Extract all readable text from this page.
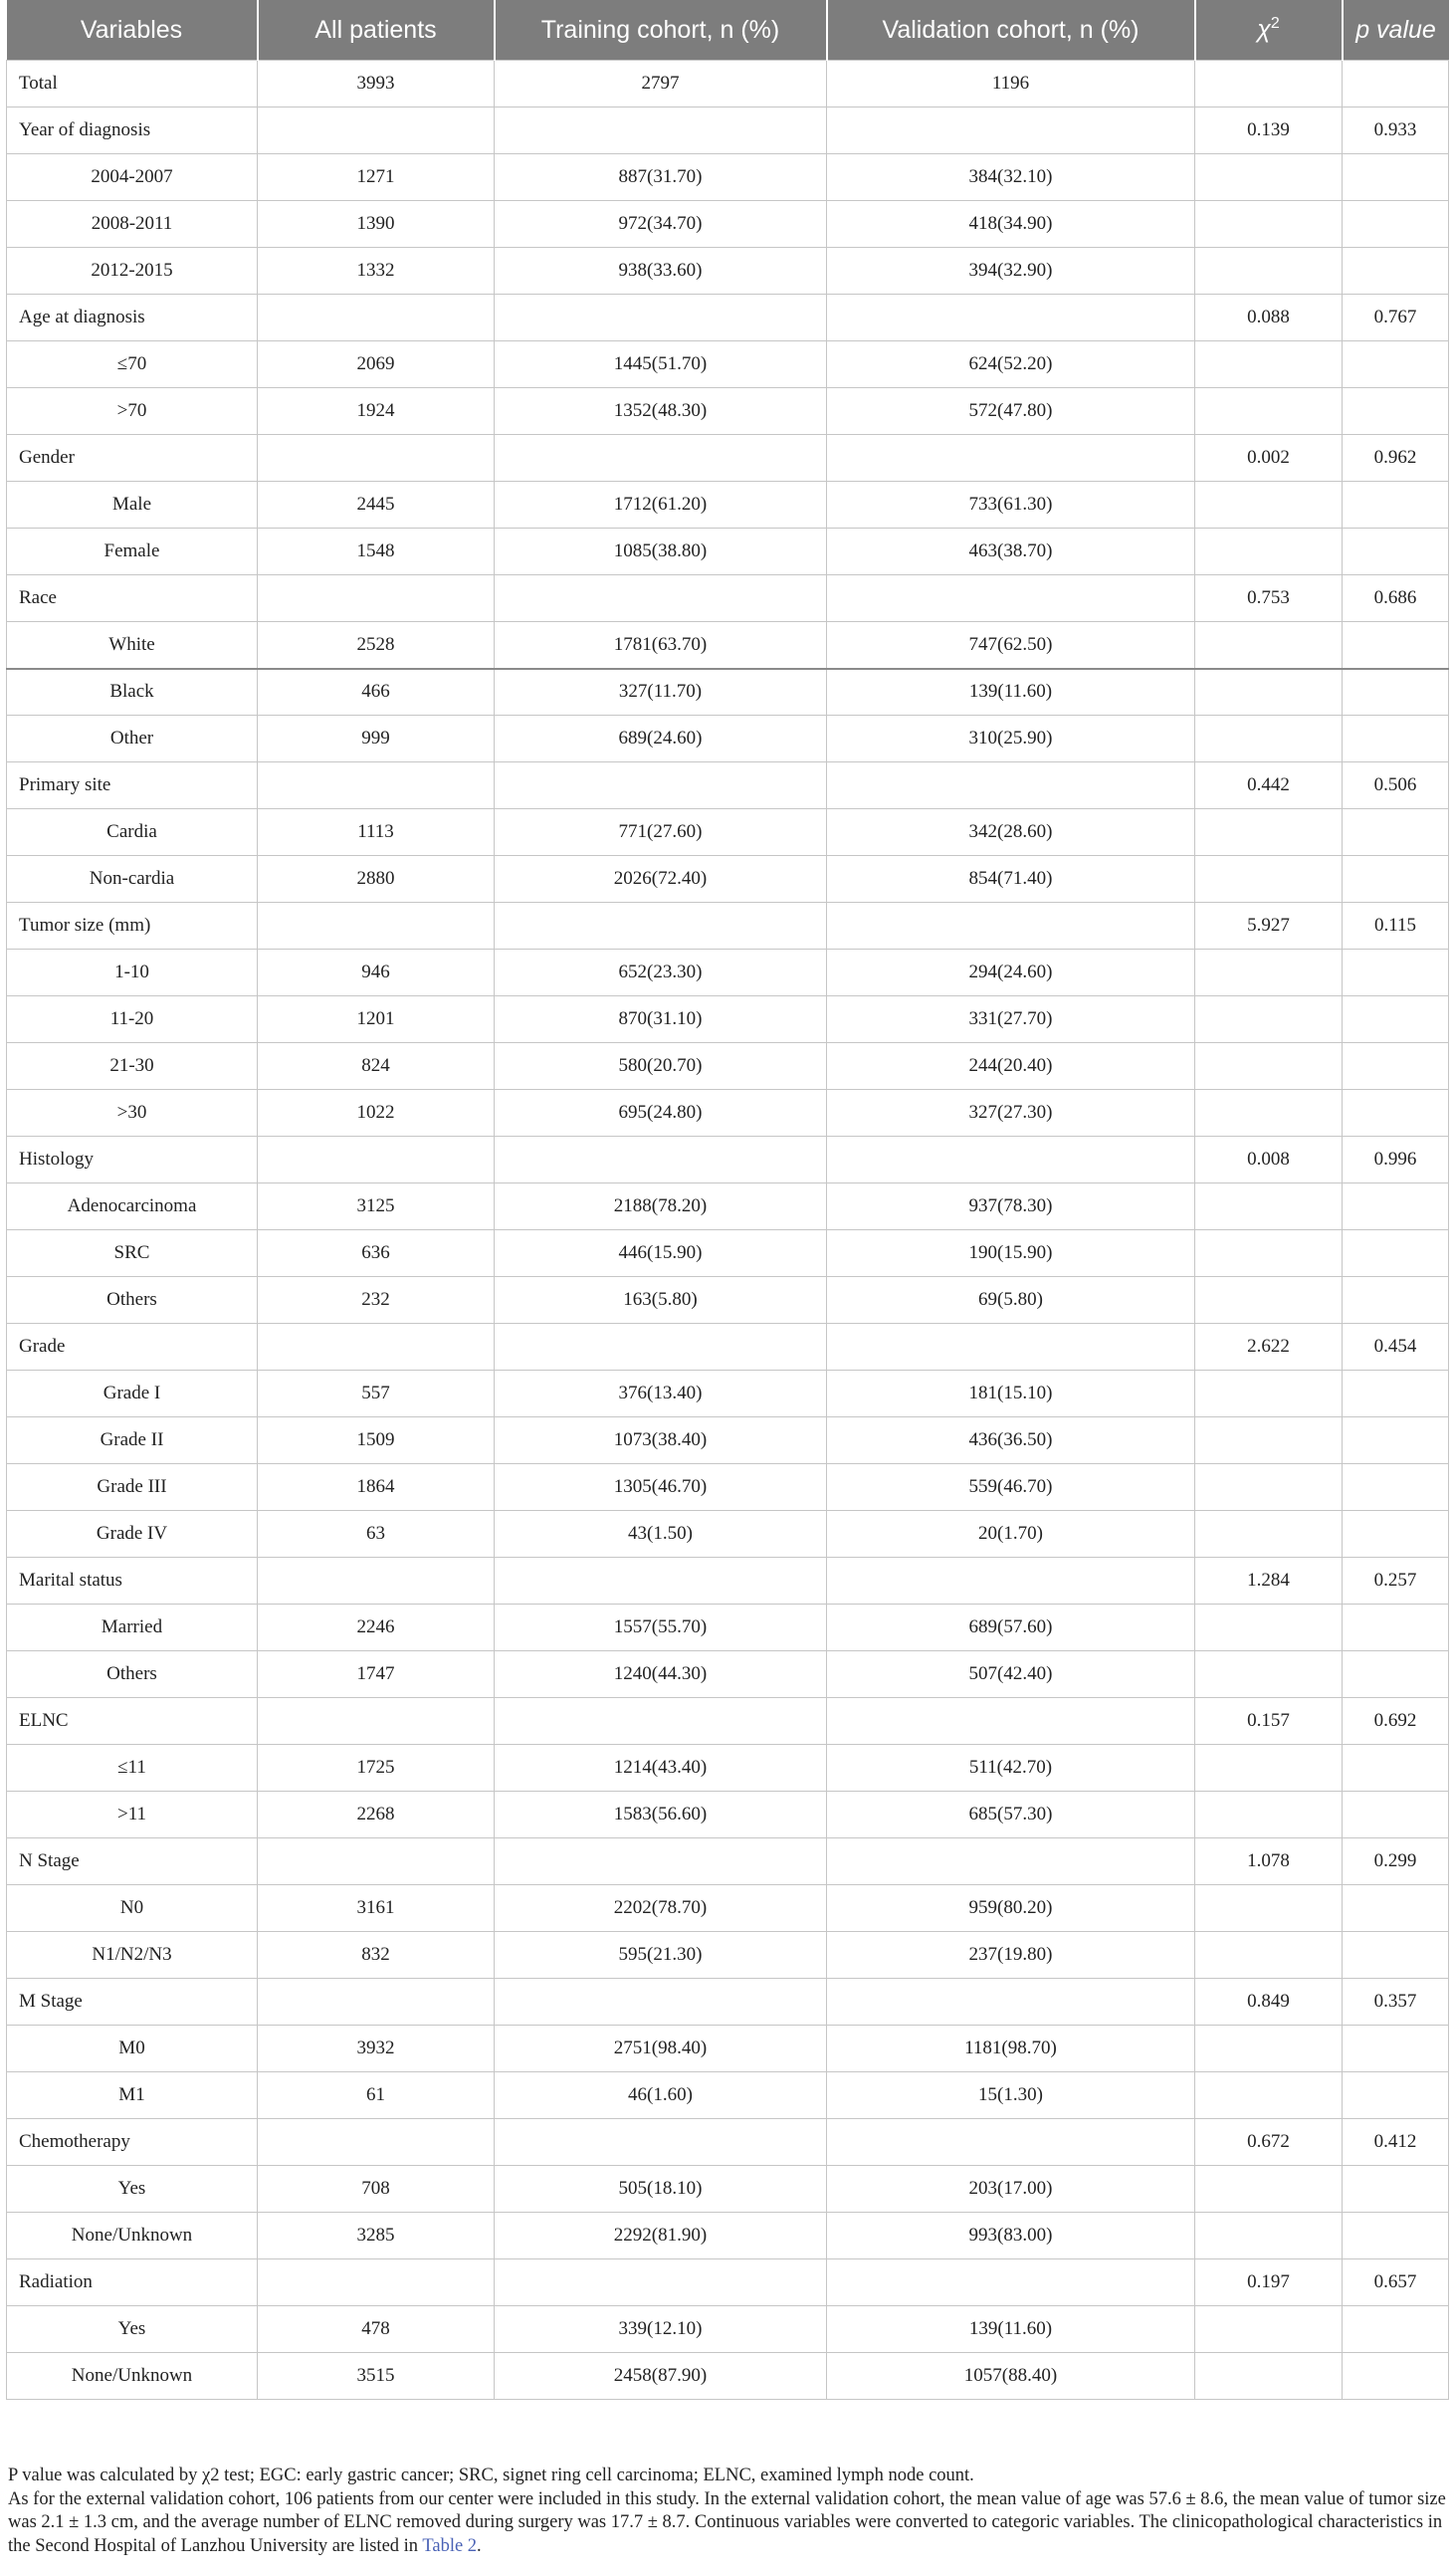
Variables	All patients	Training cohort, n (%)	Validation cohort, n (%)	$\chi^2$	p value
Total	3993	2797	1196		
Year of diagnosis				0.139	0.933
2004-2007	1271	887(31.70)	384(32.10)		
2008-2011	1390	972(34.70)	418(34.90)		
2012-2015	1332	938(33.60)	394(32.90)		
Age at diagnosis				0.088	0.767
≤70	2069	1445(51.70)	624(52.20)		
>70	1924	1352(48.30)	572(47.80)		
Gender				0.002	0.962
Male	2445	1712(61.20)	733(61.30)		
Female	1548	1085(38.80)	463(38.70)		
Race				0.753	0.686
White	2528	1781(63.70)	747(62.50)		
Black	466	327(11.70)	139(11.60)		
Other	999	689(24.60)	310(25.90)		
Primary site				0.442	0.506
Cardia	1113	771(27.60)	342(28.60)		
Non-cardia	2880	2026(72.40)	854(71.40)		
Tumor size (mm)				5.927	0.115
1-10	946	652(23.30)	294(24.60)		
11-20	1201	870(31.10)	331(27.70)		
21-30	824	580(20.70)	244(20.40)		
>30	1022	695(24.80)	327(27.30)		
Histology				0.008	0.996
Adenocarcinoma	3125	2188(78.20)	937(78.30)		
SRC	636	446(15.90)	190(15.90)		
Others	232	163(5.80)	69(5.80)		
Grade				2.622	0.454
Grade I	557	376(13.40)	181(15.10)		
Grade II	1509	1073(38.40)	436(36.50)		
Grade III	1864	1305(46.70)	559(46.70)		
Grade IV	63	43(1.50)	20(1.70)		
Marital status				1.284	0.257
Married	2246	1557(55.70)	689(57.60)		
Others	1747	1240(44.30)	507(42.40)		
ELNC				0.157	0.692
≤11	1725	1214(43.40)	511(42.70)		
>11	2268	1583(56.60)	685(57.30)		
N Stage				1.078	0.299
N0	3161	2202(78.70)	959(80.20)		
N1/N2/N3	832	595(21.30)	237(19.80)		
M Stage				0.849	0.357
M0	3932	2751(98.40)	1181(98.70)		
M1	61	46(1.60)	15(1.30)		
Chemotherapy				0.672	0.412
Yes	708	505(18.10)	203(17.00)		
None/Unknown	3285	2292(81.90)	993(83.00)		
Radiation				0.197	0.657
Yes	478	339(12.10)	139(11.60)		
None/Unknown	3515	2458(87.90)	1057(88.40)		

P value was calculated by χ2 test; EGC: early gastric cancer; SRC, signet ring cell carcinoma; ELNC, examined lymph node count.

As for the external validation cohort, 106 patients from our center were included in this study. In the external validation cohort, the mean value of age was 57.6 ± 8.6, the mean value of tumor size was 2.1 ± 1.3 cm, and the average number of ELNC removed during surgery was 17.7 ± 8.7. Continuous variables were converted to categoric variables. The clinicopathological characteristics in the Second Hospital of Lanzhou University are listed in Table 2.
